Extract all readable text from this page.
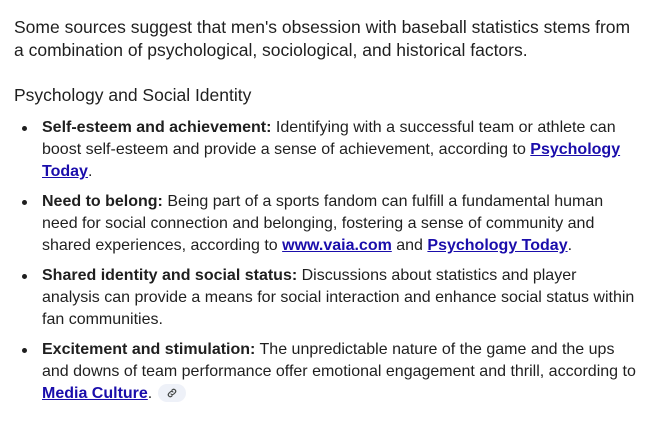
Some sources suggest that men's obsession with baseball statistics stems from a combination of psychological, sociological, and historical factors.

Psychology and Social Identity
Self-esteem and achievement: Identifying with a successful team or athlete can boost self-esteem and provide a sense of achievement, according to Psychology Today.
Need to belong: Being part of a sports fandom can fulfill a fundamental human need for social connection and belonging, fostering a sense of community and shared experiences, according to www.vaia.com and Psychology Today.
Shared identity and social status: Discussions about statistics and player analysis can provide a means for social interaction and enhance social status within fan communities.
Excitement and stimulation: The unpredictable nature of the game and the ups and downs of team performance offer emotional engagement and thrill, according to Media Culture.
